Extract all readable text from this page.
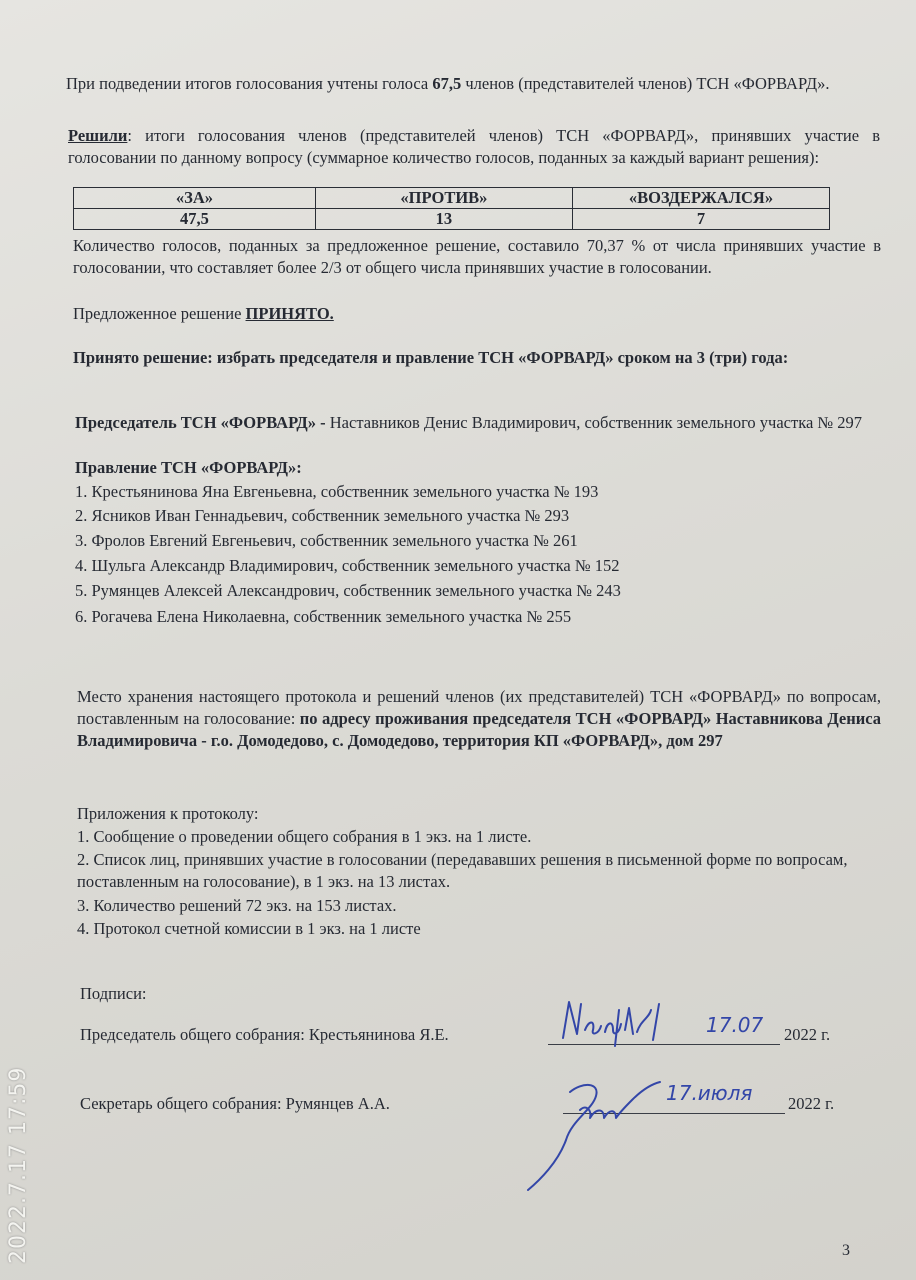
При подведении итогов голосования учтены голоса 67,5 членов (представителей членов) ТСН «ФОРВАРД».
Решили: итоги голосования членов (представителей членов) ТСН «ФОРВАРД», принявших участие в голосовании по данному вопросу (суммарное количество голосов, поданных за каждый вариант решения):
«ЗА»	«ПРОТИВ»	«ВОЗДЕРЖАЛСЯ»
47,5	13	7
Количество голосов, поданных за предложенное решение, составило 70,37 % от числа принявших участие в голосовании, что составляет более 2/3 от общего числа принявших участие в голосовании.
Предложенное решение ПРИНЯТО.
Принято решение: избрать председателя и правление ТСН «ФОРВАРД» сроком на 3 (три) года:
Председатель ТСН «ФОРВАРД» - Наставников Денис Владимирович, собственник земельного участка № 297
Правление ТСН «ФОРВАРД»:
1. Крестьянинова Яна Евгеньевна, собственник земельного участка № 193
2. Ясников Иван Геннадьевич, собственник земельного участка № 293
3. Фролов Евгений Евгеньевич, собственник земельного участка № 261
4. Шульга Александр Владимирович, собственник земельного участка № 152
5. Румянцев Алексей Александрович, собственник земельного участка № 243
6. Рогачева Елена Николаевна, собственник земельного участка № 255
Место хранения настоящего протокола и решений членов (их представителей) ТСН «ФОРВАРД» по вопросам, поставленным на голосование: по адресу проживания председателя ТСН «ФОРВАРД» Наставникова Дениса Владимировича - г.о. Домодедово, с. Домодедово, территория КП «ФОРВАРД», дом 297
Приложения к протоколу:
1. Сообщение о проведении общего собрания в 1 экз. на 1 листе.
2. Список лиц, принявших участие в голосовании (передававших решения в письменной форме по вопросам, поставленным на голосование), в 1 экз. на 13 листах.
3. Количество решений 72 экз. на 153 листах.
4. Протокол счетной комиссии в 1 экз. на 1 листе
Подписи:
Председатель общего собрания: Крестьянинова Я.Е.	2022 г.
Секретарь общего собрания: Румянцев А.А.	2022 г.
17.07
17.июля
2022.7.17 17:59	3
